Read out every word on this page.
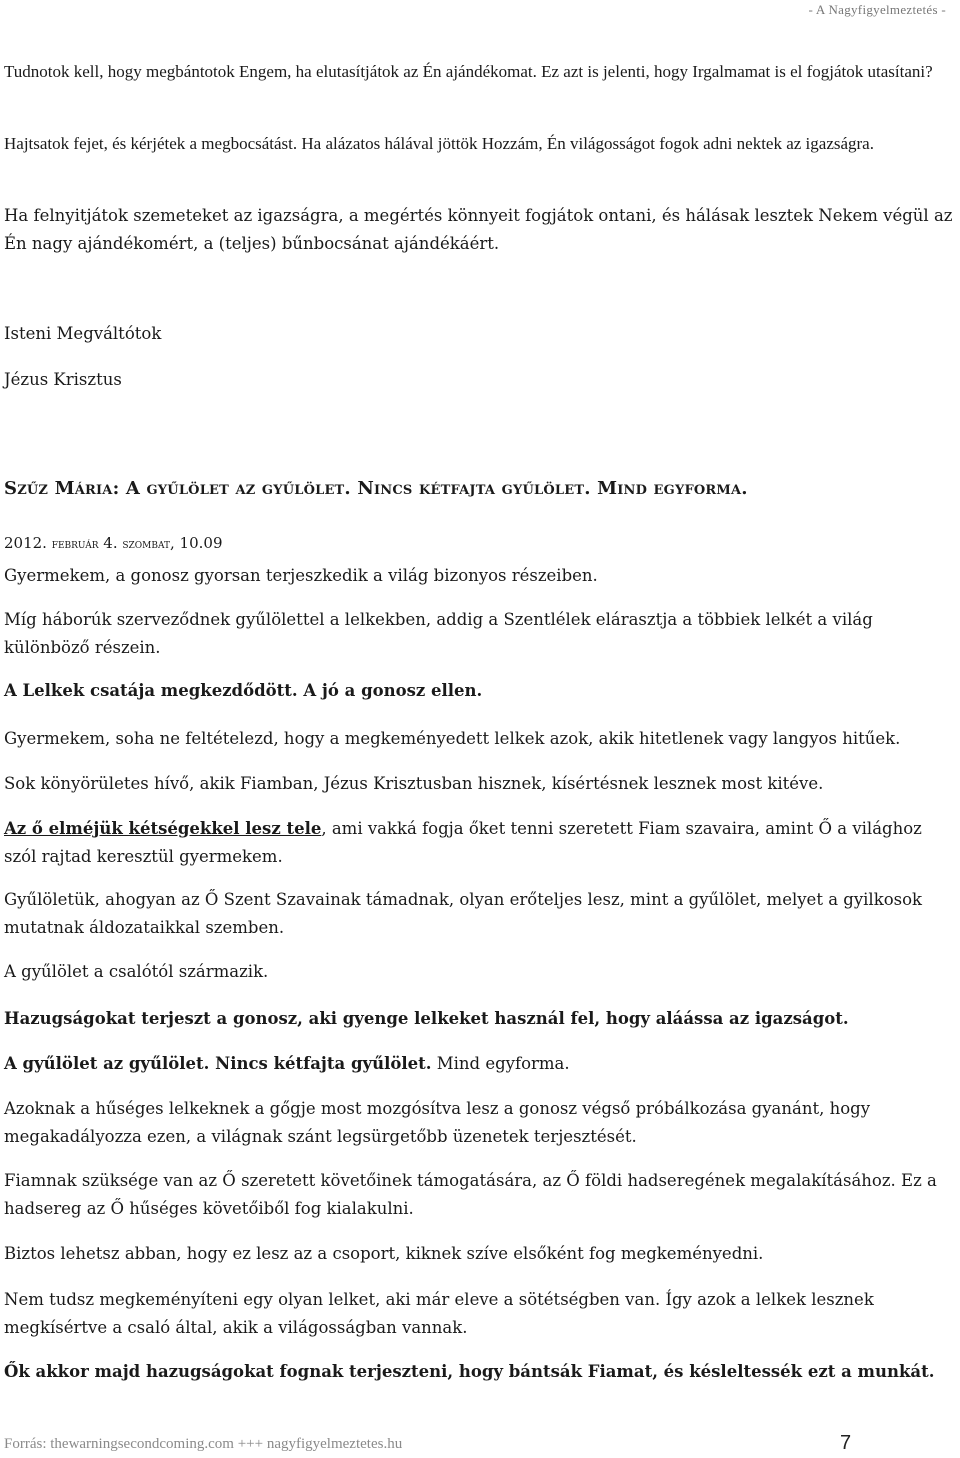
- A Nagyfigyelmeztetés -

Tudnotok kell, hogy megbántotok Engem, ha elutasítjátok az Én ajándékomat. Ez azt is jelenti, hogy Irgalmamat is el fogjátok utasítani?

Hajtsatok fejet, és kérjétek a megbocsátást. Ha alázatos hálával jöttök Hozzám, Én világosságot fogok adni nektek az igazságra.

Ha felnyitjátok szemeteket az igazságra, a megértés könnyeit fogjátok ontani, és hálásak lesztek Nekem végül az Én nagy ajándékomért, a (teljes) bűnbocsánat ajándékáért.

Isteni Megváltótok

Jézus Krisztus

Szűz Mária: A gyűlölet az gyűlölet. Nincs kétfajta gyűlölet. Mind egyforma.
2012. február 4. szombat, 10.09

Gyermekem, a gonosz gyorsan terjeszkedik a világ bizonyos részeiben.

Míg háborúk szerveződnek gyűlölettel a lelkekben, addig a Szentlélek elárasztja a többiek lelkét a világ különböző részein.

A Lelkek csatája megkezdődött. A jó a gonosz ellen.

Gyermekem, soha ne feltételezd, hogy a megkeményedett lelkek azok, akik hitetlenek vagy langyos hitűek.

Sok könyörületes hívő, akik Fiamban, Jézus Krisztusban hisznek, kísértésnek lesznek most kitéve.

Az ő elméjük kétségekkel lesz tele, ami vakká fogja őket tenni szeretett Fiam szavaira, amint Ő a világhoz szól rajtad keresztül gyermekem.

Gyűlöletük, ahogyan az Ő Szent Szavainak támadnak, olyan erőteljes lesz, mint a gyűlölet, melyet a gyilkosok mutatnak áldozataikkal szemben.

A gyűlölet a csalótól származik.

Hazugságokat terjeszt a gonosz, aki gyenge lelkeket használ fel, hogy aláássa az igazságot.

A gyűlölet az gyűlölet. Nincs kétfajta gyűlölet. Mind egyforma.

Azoknak a hűséges lelkeknek a gőgje most mozgósítva lesz a gonosz végső próbálkozása gyanánt, hogy megakadályozza ezen, a világnak szánt legsürgetőbb üzenetek terjesztését.

Fiamnak szüksége van az Ő szeretett követőinek támogatására, az Ő földi hadseregének megalakításához. Ez a hadsereg az Ő hűséges követőiből fog kialakulni.

Biztos lehetsz abban, hogy ez lesz az a csoport, kiknek szíve elsőként fog megkeményedni.

Nem tudsz megkeményíteni egy olyan lelket, aki már eleve a sötétségben van. Így azok a lelkek lesznek megkísértve a csaló által, akik a világosságban vannak.

Ők akkor majd hazugságokat fognak terjeszteni, hogy bántsák Fiamat, és késleltessék ezt a munkát.

Forrás: thewarningsecondcoming.com +++ nagyfigyelmeztetes.hu	7
